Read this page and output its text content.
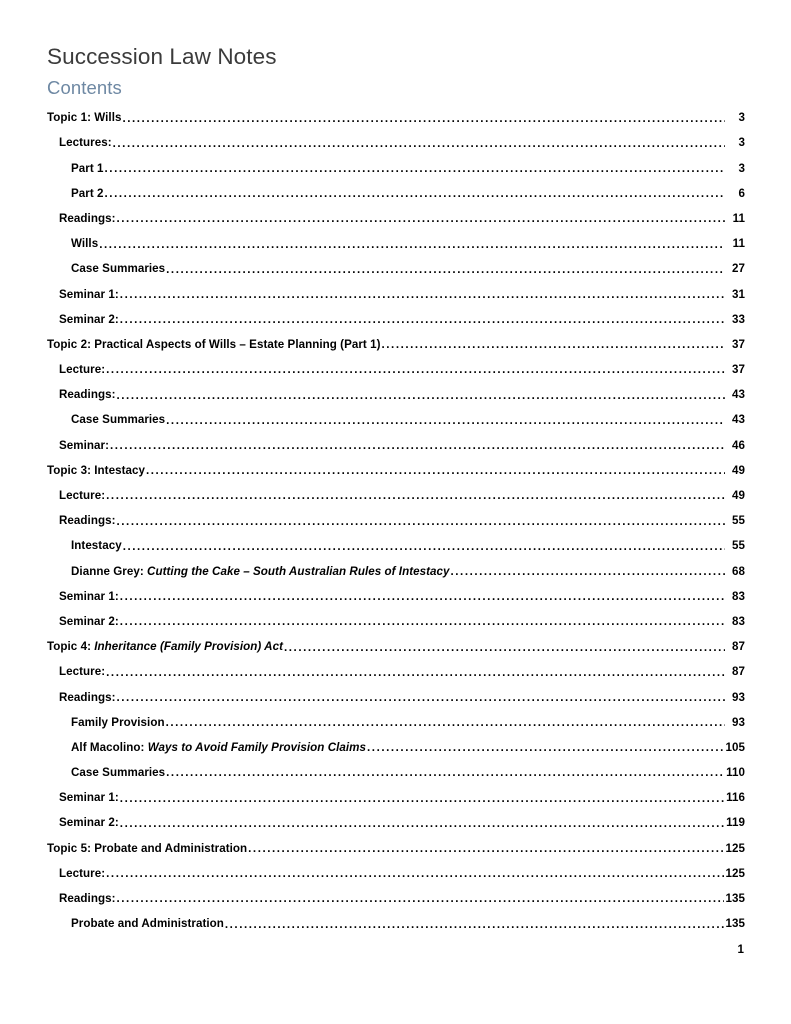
Succession Law Notes
Contents
Topic 1: Wills .....	3
Lectures: .....	3
Part 1 .....	3
Part 2 .....	6
Readings: .....	11
Wills .....	11
Case Summaries .....	27
Seminar 1: .....	31
Seminar 2: .....	33
Topic 2: Practical Aspects of Wills – Estate Planning (Part 1) .....	37
Lecture: .....	37
Readings: .....	43
Case Summaries .....	43
Seminar: .....	46
Topic 3: Intestacy .....	49
Lecture: .....	49
Readings: .....	55
Intestacy .....	55
Dianne Grey: Cutting the Cake – South Australian Rules of Intestacy .....	68
Seminar 1: .....	83
Seminar 2: .....	83
Topic 4: Inheritance (Family Provision) Act .....	87
Lecture: .....	87
Readings: .....	93
Family Provision .....	93
Alf Macolino: Ways to Avoid Family Provision Claims .....	105
Case Summaries .....	110
Seminar 1: .....	116
Seminar 2: .....	119
Topic 5: Probate and Administration .....	125
Lecture: .....	125
Readings: .....	135
Probate and Administration .....	135
1
